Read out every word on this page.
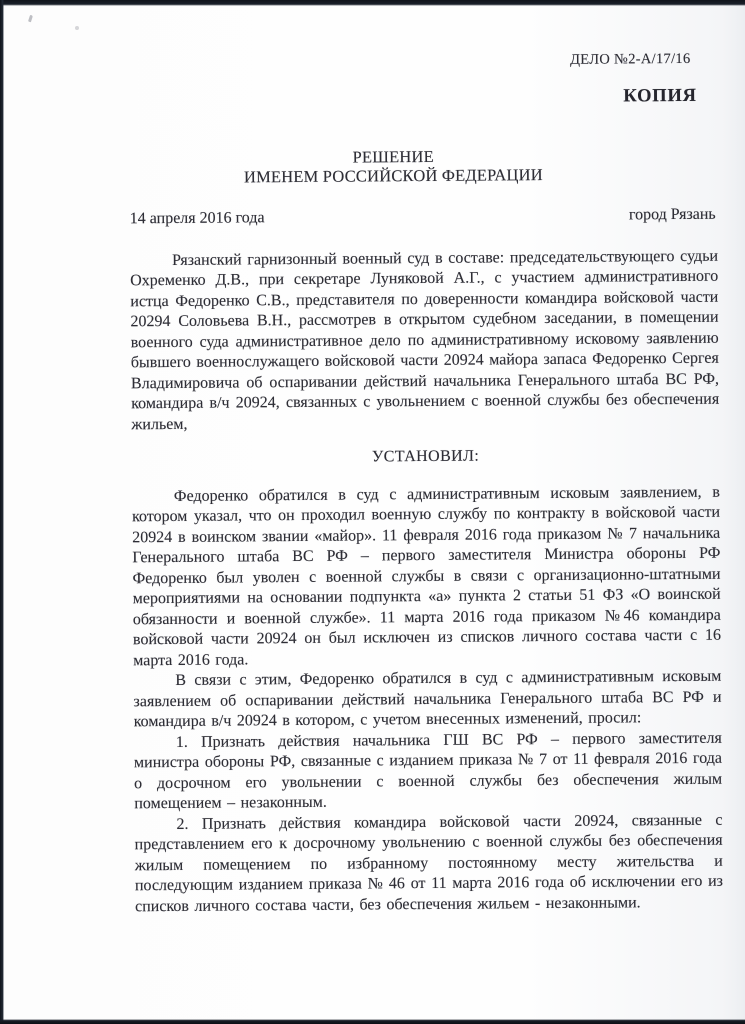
ДЕЛО №2-А/17/16
КОПИЯ
РЕШЕНИЕ
ИМЕНЕМ РОССИЙСКОЙ ФЕДЕРАЦИИ
14 апреля 2016 года	город Рязань

Рязанский гарнизонный военный суд в составе: председательствующего судьи Охременко Д.В., при секретаре Луняковой А.Г., с участием административного истца Федоренко С.В., представителя по доверенности командира войсковой части 20294 Соловьева В.Н., рассмотрев в открытом судебном заседании, в помещении военного суда административное дело по административному исковому заявлению бывшего военнослужащего войсковой части 20924 майора запаса Федоренко Сергея Владимировича об оспаривании действий начальника Генерального штаба ВС РФ, командира в/ч 20924, связанных с увольнением с военной службы без обеспечения жильем,

УСТАНОВИЛ:

Федоренко обратился в суд с административным исковым заявлением, в котором указал, что он проходил военную службу по контракту в войсковой части 20924 в воинском звании «майор». 11 февраля 2016 года приказом № 7 начальника Генерального штаба ВС РФ – первого заместителя Министра обороны РФ Федоренко был уволен с военной службы в связи с организационно-штатными мероприятиями на основании подпункта «а» пункта 2 статьи 51 ФЗ «О воинской обязанности и военной службе». 11 марта 2016 года приказом №46 командира войсковой части 20924 он был исключен из списков личного состава части с 16 марта 2016 года.

В связи с этим, Федоренко обратился в суд с административным исковым заявлением об оспаривании действий начальника Генерального штаба ВС РФ и командира в/ч 20924 в котором, с учетом внесенных изменений, просил:

1. Признать действия начальника ГШ ВС РФ – первого заместителя министра обороны РФ, связанные с изданием приказа № 7 от 11 февраля 2016 года о досрочном его увольнении с военной службы без обеспечения жилым помещением – незаконным.

2. Признать действия командира войсковой части 20924, связанные с представлением его к досрочному увольнению с военной службы без обеспечения жилым помещением по избранному постоянному месту жительства и последующим изданием приказа № 46 от 11 марта 2016 года об исключении его из списков личного состава части, без обеспечения жильем - незаконными.
